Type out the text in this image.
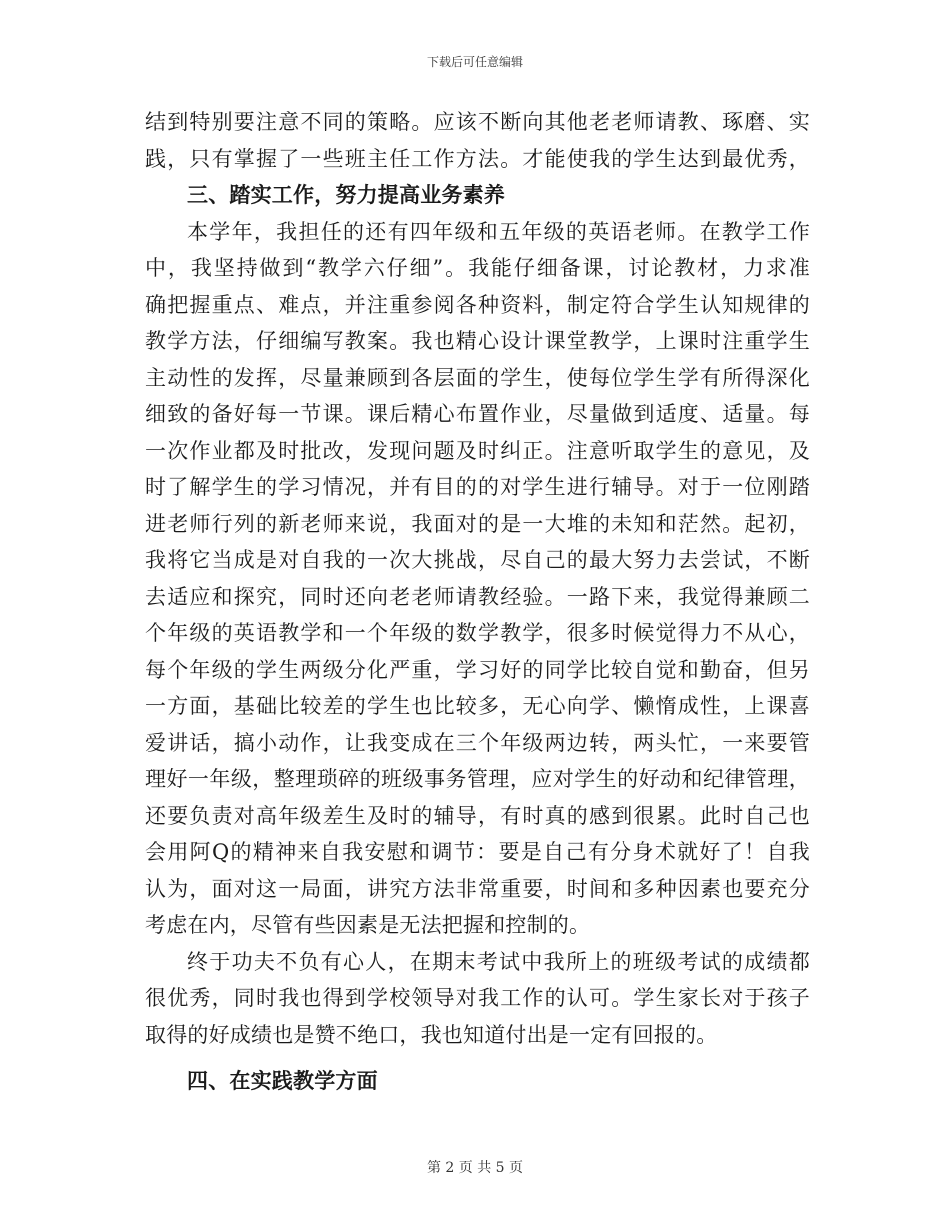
下载后可任意编辑
结到特别要注意不同的策略。应该不断向其他老老师请教、琢磨、实
践，只有掌握了一些班主任工作方法。才能使我的学生达到最优秀，
三、踏实工作，努力提高业务素养
本学年，我担任的还有四年级和五年级的英语老师。在教学工作
中，我坚持做到“教学六仔细”。我能仔细备课，讨论教材，力求准
确把握重点、难点，并注重参阅各种资料，制定符合学生认知规律的
教学方法，仔细编写教案。我也精心设计课堂教学，上课时注重学生
主动性的发挥，尽量兼顾到各层面的学生，使每位学生学有所得深化
细致的备好每一节课。课后精心布置作业，尽量做到适度、适量。每
一次作业都及时批改，发现问题及时纠正。注意听取学生的意见，及
时了解学生的学习情况，并有目的的对学生进行辅导。对于一位刚踏
进老师行列的新老师来说，我面对的是一大堆的未知和茫然。起初，
我将它当成是对自我的一次大挑战，尽自己的最大努力去尝试，不断
去适应和探究，同时还向老老师请教经验。一路下来，我觉得兼顾二
个年级的英语教学和一个年级的数学教学，很多时候觉得力不从心，
每个年级的学生两级分化严重，学习好的同学比较自觉和勤奋，但另
一方面，基础比较差的学生也比较多，无心向学、懒惰成性，上课喜
爱讲话，搞小动作，让我变成在三个年级两边转，两头忙，一来要管
理好一年级，整理琐碎的班级事务管理，应对学生的好动和纪律管理，
还要负责对高年级差生及时的辅导，有时真的感到很累。此时自己也
会用阿Q的精神来自我安慰和调节：要是自己有分身术就好了！自我
认为，面对这一局面，讲究方法非常重要，时间和多种因素也要充分
考虑在内，尽管有些因素是无法把握和控制的。
终于功夫不负有心人，在期末考试中我所上的班级考试的成绩都
很优秀，同时我也得到学校领导对我工作的认可。学生家长对于孩子
取得的好成绩也是赞不绝口，我也知道付出是一定有回报的。
四、在实践教学方面
第 2 页 共 5 页
